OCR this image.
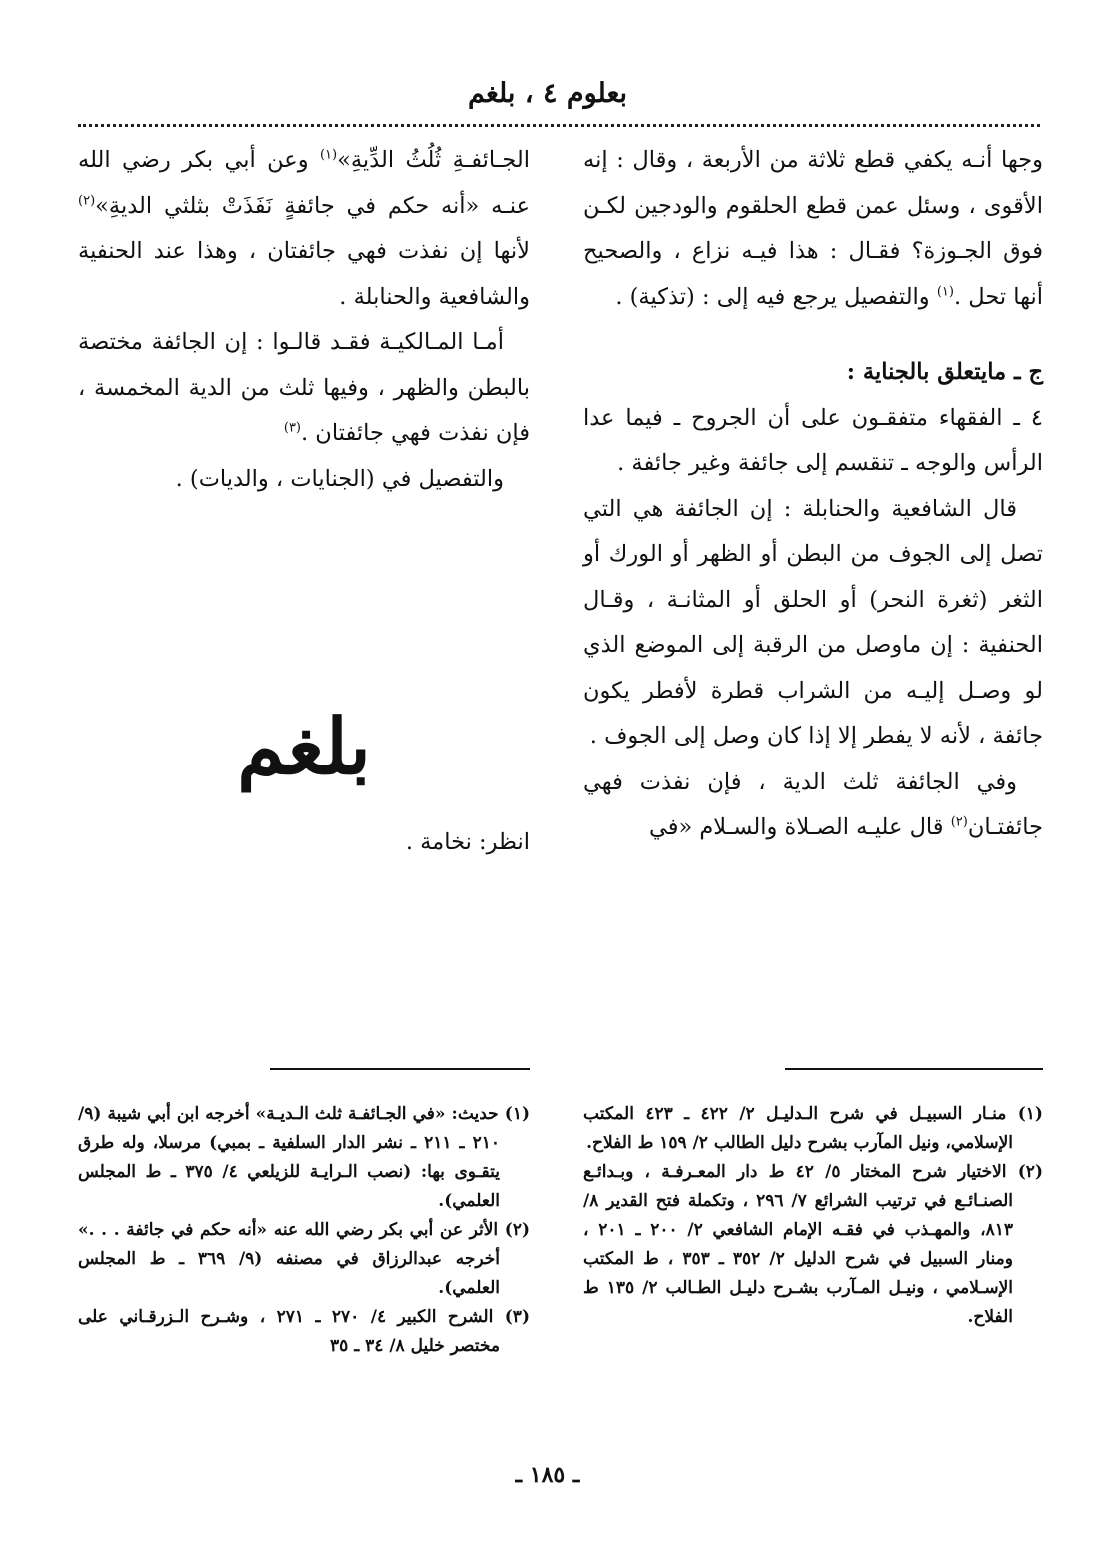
بعلوم ٤ ، بلغم

وجها أنـه يكفي قطع ثلاثة من الأربعة ، وقال : إنه الأقوى ، وسئل عمن قطع الحلقوم والودجين لكـن فوق الجـوزة؟ فقـال : هذا فيـه نزاع ، والصحيح أنها تحل .$^{(١)}$ والتفصيل يرجع فيه إلى : (تذكية) .

ج ـ مايتعلق بالجناية :

٤ ـ الفقهاء متفقـون على أن الجروح ـ فيما عدا الرأس والوجه ـ تنقسم إلى جائفة وغير جائفة .

قال الشافعية والحنابلة : إن الجائفة هي التي تصل إلى الجوف من البطن أو الظهر أو الورك أو الثغر (ثغرة النحر) أو الحلق أو المثانـة ، وقـال الحنفية : إن ماوصل من الرقبة إلى الموضع الذي لو وصـل إليـه من الشراب قطرة لأفطر يكون جائفة ، لأنه لا يفطر إلا إذا كان وصل إلى الجوف .

وفي الجائفة ثلث الدية ، فإن نفذت فهي جائفتـان$^{(٢)}$ قال عليـه الصـلاة والسـلام «في

الجـائفـةِ ثُلُثُ الدِّيةِ»$^{(١)}$ وعن أبي بكر رضي الله عنـه «أنه حكم في جائفةٍ نَفَذَتْ بثلثي الديةِ»$^{(٢)}$ لأنها إن نفذت فهي جائفتان ، وهذا عند الحنفية والشافعية والحنابلة .

أمـا المـالكيـة فقـد قالـوا : إن الجائفة مختصة بالبطن والظهر ، وفيها ثلث من الدية المخمسة ، فإن نفذت فهي جائفتان .$^{(٣)}$

والتفصيل في (الجنايات ، والديات) .

بلغم
انظر: نخامة .

(١) منـار السبيـل في شرح الـدليـل ٢/ ٤٢٢ ـ ٤٢٣ المكتب الإسلامي، ونيل المآرب بشرح دليل الطالب ٢/ ١٥٩ ط الفلاح.

(٢) الاختيار شرح المختار ٥/ ٤٢ ط دار المعـرفـة ، وبـدائـع الصنـائـع في ترتيب الشرائع ٧/ ٢٩٦ ، وتكملة فتح القدير ٨/ ٨١٣، والمهـذب في فقـه الإمام الشافعي ٢/ ٢٠٠ ـ ٢٠١ ، ومنار السبيل في شرح الدليل ٢/ ٣٥٢ ـ ٣٥٣ ، ط المكتب الإسـلامي ، ونيـل المـآرب بشـرح دليـل الطـالب ٢/ ١٣٥ ط الفلاح.

(١) حديث: «في الجـائفـة ثلث الـديـة» أخرجه ابن أبي شيبة (٩/ ٢١٠ ـ ٢١١ ـ نشر الدار السلفية ـ بمبي) مرسلا، وله طرق يتقـوى بها: (نصب الـرايـة للزيلعي ٤/ ٣٧٥ ـ ط المجلس العلمي).

(٢) الأثر عن أبي بكر رضي الله عنه «أنه حكم في جائفة . . .» أخرجه عبدالرزاق في مصنفه (٩/ ٣٦٩ ـ ط المجلس العلمي).

(٣) الشرح الكبير ٤/ ٢٧٠ ـ ٢٧١ ، وشـرح الـزرقـاني على مختصر خليل ٨/ ٣٤ ـ ٣٥

ـ ١٨٥ ـ
